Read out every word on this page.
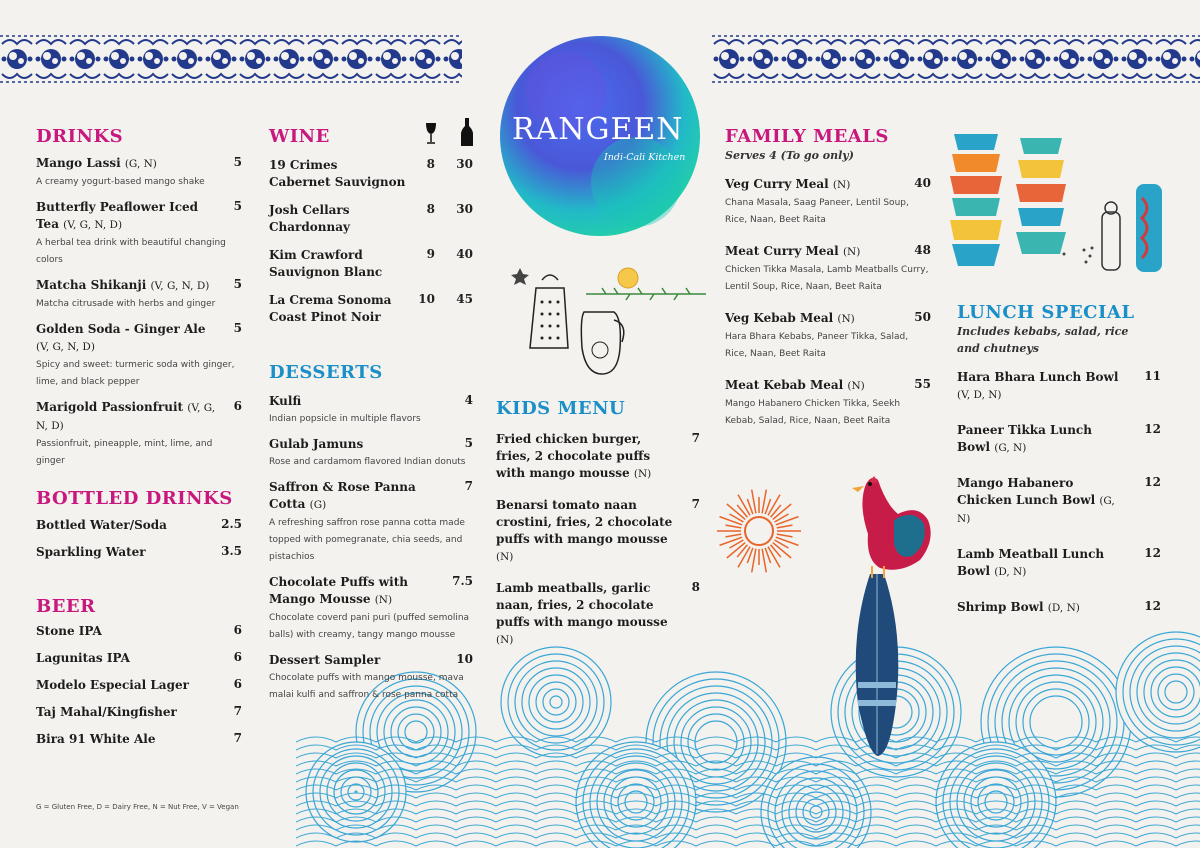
RANGEEN
Indi-Cali Kitchen
DRINKS
Mango Lassi (G, N)	5
A creamy yogurt-based mango shake
Butterfly Peaflower Iced Tea (V, G, N, D)
5
A herbal tea drink with beautiful changing colors
Matcha Shikanji (V, G, N, D)	5
Matcha citrusade with herbs and ginger
Golden Soda - Ginger Ale (V, G, N, D)
5
Spicy and sweet: turmeric soda with ginger, lime, and black pepper
Marigold Passionfruit (V, G, N, D)
6
Passionfruit, pineapple, mint, lime, and ginger
BOTTLED DRINKS
Bottled Water/Soda	2.5
Sparkling Water	3.5
BEER
Stone IPA	6
Lagunitas IPA	6
Modelo Especial Lager	6
Taj Mahal/Kingfisher	7
Bira 91 White Ale	7
G = Gluten Free, D = Dairy Free, N = Nut Free, V = Vegan
WINE
19 Crimes
Cabernet Sauvignon
8 30
Josh Cellars
Chardonnay
8 30
Kim Crawford
Sauvignon Blanc
9 40
La Crema Sonoma
Coast Pinot Noir
10 45
DESSERTS
Kulfi	4
Indian popsicle in multiple flavors
Gulab Jamuns	5
Rose and cardamom flavored Indian donuts
Saffron & Rose Panna Cotta (G)
7
A refreshing saffron rose panna cotta made topped with pomegranate, chia seeds, and pistachios
Chocolate Puffs with Mango Mousse (N)
7.5
Chocolate coverd pani puri (puffed semolina balls) with creamy, tangy mango mousse
Dessert Sampler	10
Chocolate puffs with mango mousse, mava malai kulfi and saffron & rose panna cotta
KIDS MENU
Fried chicken burger, fries, 2 chocolate puffs with mango mousse (N)
7
Benarsi tomato naan crostini, fries, 2 chocolate puffs with mango mousse (N)
7
Lamb meatballs, garlic naan, fries, 2 chocolate puffs with mango mousse (N)
8
FAMILY MEALS
Serves 4 (To go only)
Veg Curry Meal (N)	40
Chana Masala, Saag Paneer, Lentil Soup, Rice, Naan, Beet Raita
Meat Curry Meal (N)	48
Chicken Tikka Masala, Lamb Meatballs Curry, Lentil Soup, Rice, Naan, Beet Raita
Veg Kebab Meal (N)	50
Hara Bhara Kebabs, Paneer Tikka, Salad, Rice, Naan, Beet Raita
Meat Kebab Meal (N)	55
Mango Habanero Chicken Tikka, Seekh Kebab, Salad, Rice, Naan, Beet Raita
LUNCH SPECIAL
Includes kebabs, salad, rice and chutneys
Hara Bhara Lunch Bowl (V, D, N)
11
Paneer Tikka Lunch Bowl (G, N)
12
Mango Habanero Chicken Lunch Bowl (G, N)
12
Lamb Meatball Lunch Bowl (D, N)
12
Shrimp Bowl (D, N)	12
